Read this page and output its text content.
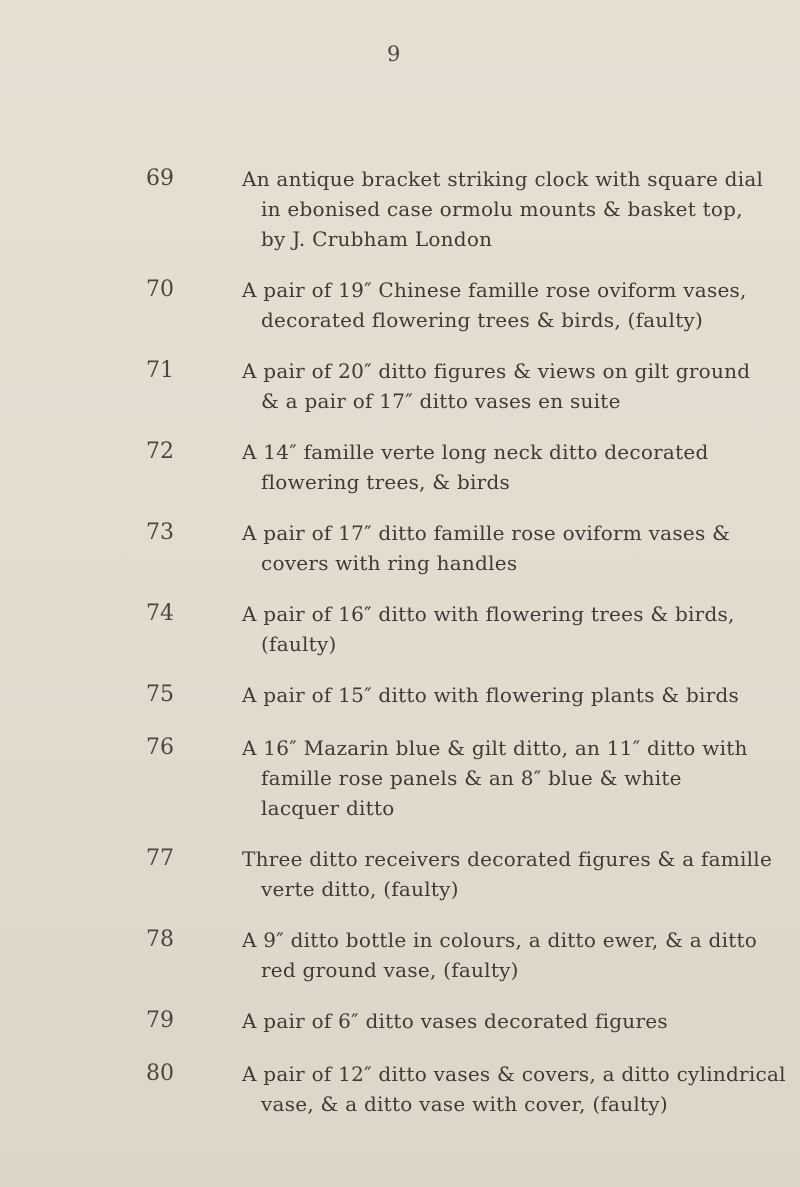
9
69	An antique bracket striking clock with square dial
in ebonised case ormolu mounts & basket top,
by J. Crubham London
70	A pair of 19″ Chinese famille rose oviform vases,
decorated flowering trees & birds, (faulty)
71	A pair of 20″ ditto figures & views on gilt ground
& a pair of 17″ ditto vases en suite
72	A 14″ famille verte long neck ditto decorated
flowering trees, & birds
73	A pair of 17″ ditto famille rose oviform vases &
covers with ring handles
74	A pair of 16″ ditto with flowering trees & birds,
(faulty)
75	A pair of 15″ ditto with flowering plants & birds
76	A 16″ Mazarin blue & gilt ditto, an 11″ ditto with
famille rose panels & an 8″ blue & white
lacquer ditto
77	Three ditto receivers decorated figures & a famille
verte ditto, (faulty)
78	A 9″ ditto bottle in colours, a ditto ewer, & a ditto
red ground vase, (faulty)
79	A pair of 6″ ditto vases decorated figures
80	A pair of 12″ ditto vases & covers, a ditto cylindrical
vase, & a ditto vase with cover, (faulty)
